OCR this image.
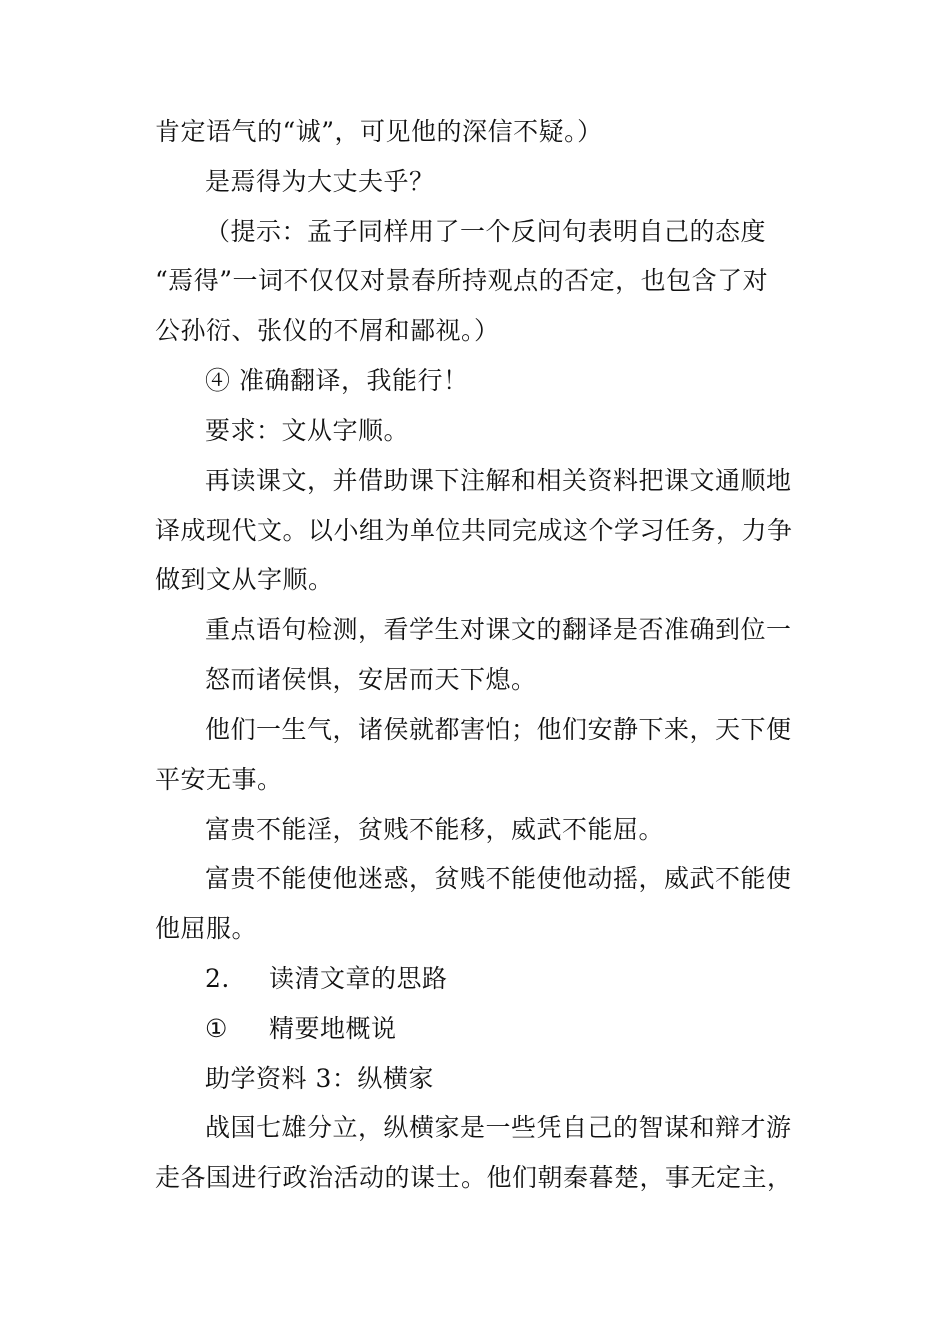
肯定语气的“诚”，可见他的深信不疑。）
是焉得为大丈夫乎？
（提示：孟子同样用了一个反问句表明自己的态度
“焉得”一词不仅仅对景春所持观点的否定，也包含了对
公孙衍、张仪的不屑和鄙视。）
④ 准确翻译，我能行！
要求：文从字顺。
再读课文，并借助课下注解和相关资料把课文通顺地
译成现代文。以小组为单位共同完成这个学习任务，力争
做到文从字顺。
重点语句检测，看学生对课文的翻译是否准确到位一
怒而诸侯惧，安居而天下熄。
他们一生气，诸侯就都害怕；他们安静下来，天下便
平安无事。
富贵不能淫，贫贱不能移，威武不能屈。
富贵不能使他迷惑，贫贱不能使他动摇，威武不能使
他屈服。
2. 读清文章的思路
① 精要地概说
助学资料 3：纵横家
战国七雄分立，纵横家是一些凭自己的智谋和辩才游
走各国进行政治活动的谋士。他们朝秦暮楚，事无定主，
